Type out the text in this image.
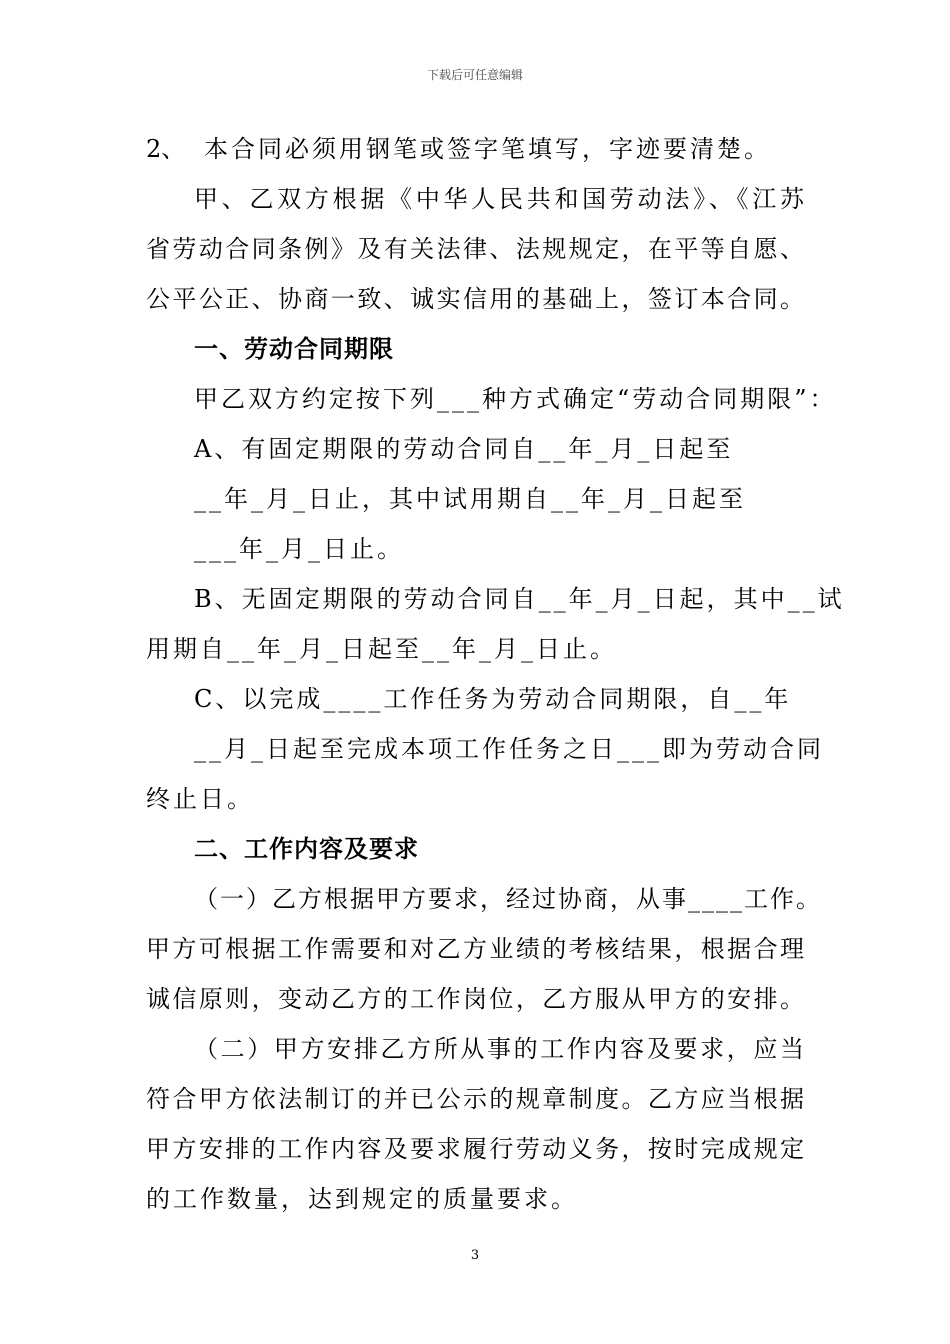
下载后可任意编辑
2、 本合同必须用钢笔或签字笔填写，字迹要清楚。
甲、乙双方根据《中华人民共和国劳动法》、《江苏
省劳动合同条例》及有关法律、法规规定，在平等自愿、
公平公正、协商一致、诚实信用的基础上，签订本合同。
一、劳动合同期限
甲乙双方约定按下列___种方式确定“劳动合同期限”：
A、有固定期限的劳动合同自__年_月_日起至
__年_月_日止，其中试用期自__年_月_日起至
___年_月_日止。
B、无固定期限的劳动合同自__年_月_日起，其中__试
用期自__年_月_日起至__年_月_日止。
C、以完成____工作任务为劳动合同期限，自__年
__月_日起至完成本项工作任务之日___即为劳动合同
终止日。
二、工作内容及要求
（一）乙方根据甲方要求，经过协商，从事____工作。
甲方可根据工作需要和对乙方业绩的考核结果，根据合理
诚信原则，变动乙方的工作岗位，乙方服从甲方的安排。
（二）甲方安排乙方所从事的工作内容及要求，应当
符合甲方依法制订的并已公示的规章制度。乙方应当根据
甲方安排的工作内容及要求履行劳动义务，按时完成规定
的工作数量，达到规定的质量要求。
3
